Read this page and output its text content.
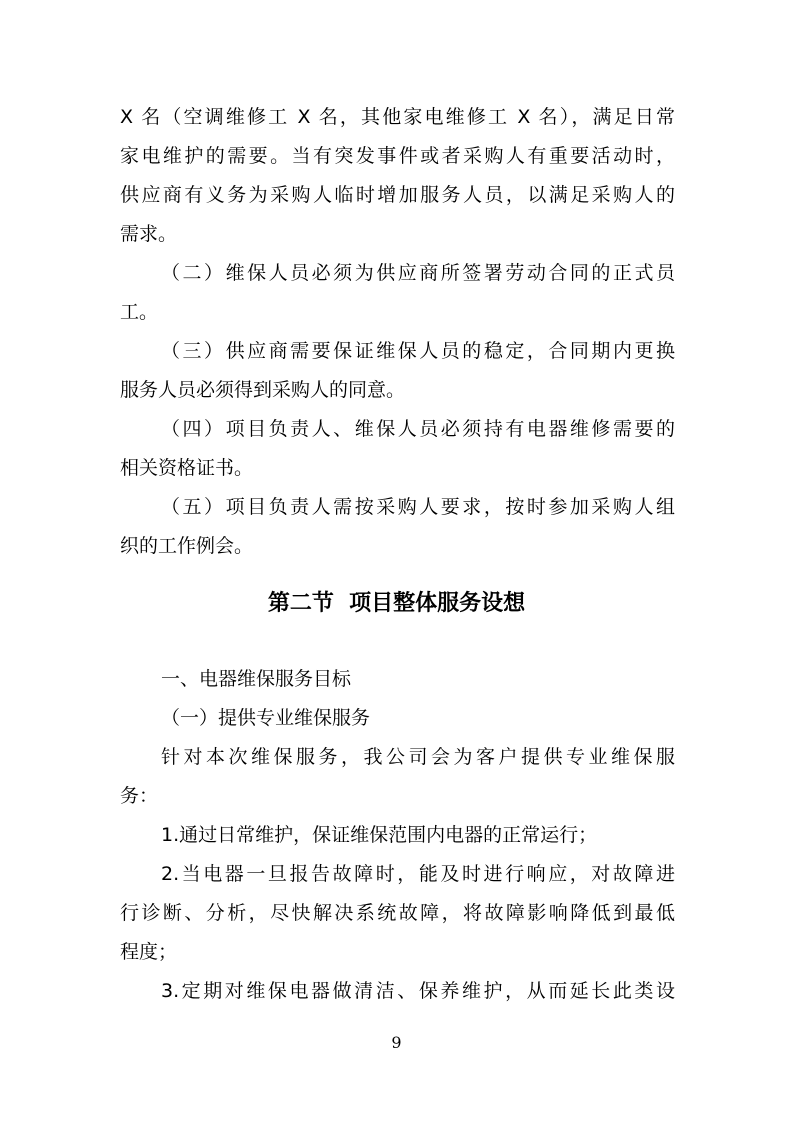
X 名（空调维修工 X 名，其他家电维修工 X 名），满足日常
家电维护的需要。当有突发事件或者采购人有重要活动时，
供应商有义务为采购人临时增加服务人员，以满足采购人的
需求。
（二）维保人员必须为供应商所签署劳动合同的正式员
工。
（三）供应商需要保证维保人员的稳定，合同期内更换
服务人员必须得到采购人的同意。
（四）项目负责人、维保人员必须持有电器维修需要的
相关资格证书。
（五）项目负责人需按采购人要求，按时参加采购人组
织的工作例会。
第二节  项目整体服务设想
一、电器维保服务目标
（一）提供专业维保服务
针对本次维保服务，我公司会为客户提供专业维保服
务：
1.通过日常维护，保证维保范围内电器的正常运行；
2.当电器一旦报告故障时，能及时进行响应，对故障进
行诊断、分析，尽快解决系统故障，将故障影响降低到最低
程度；
3.定期对维保电器做清洁、保养维护，从而延长此类设
9
